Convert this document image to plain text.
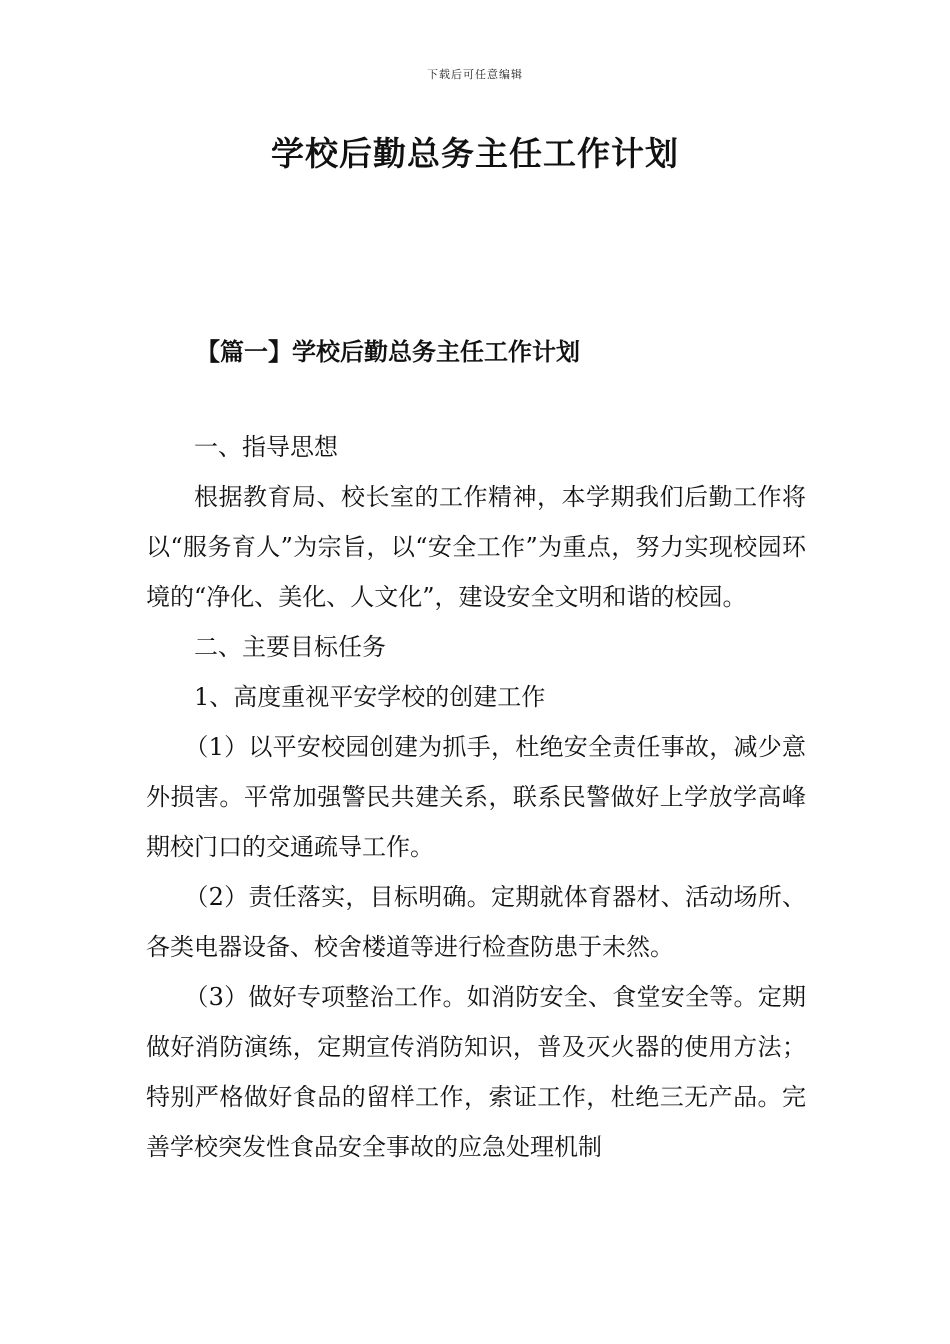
下载后可任意编辑
学校后勤总务主任工作计划
【篇一】学校后勤总务主任工作计划

一、指导思想

根据教育局、校长室的工作精神，本学期我们后勤工作将以“服务育人”为宗旨，以“安全工作”为重点，努力实现校园环境的“净化、美化、人文化”，建设安全文明和谐的校园。

二、主要目标任务

1、高度重视平安学校的创建工作

（1）以平安校园创建为抓手，杜绝安全责任事故，减少意外损害。平常加强警民共建关系，联系民警做好上学放学高峰期校门口的交通疏导工作。

（2）责任落实，目标明确。定期就体育器材、活动场所、各类电器设备、校舍楼道等进行检查防患于未然。

（3）做好专项整治工作。如消防安全、食堂安全等。定期做好消防演练，定期宣传消防知识，普及灭火器的使用方法；特别严格做好食品的留样工作，索证工作，杜绝三无产品。完善学校突发性食品安全事故的应急处理机制
